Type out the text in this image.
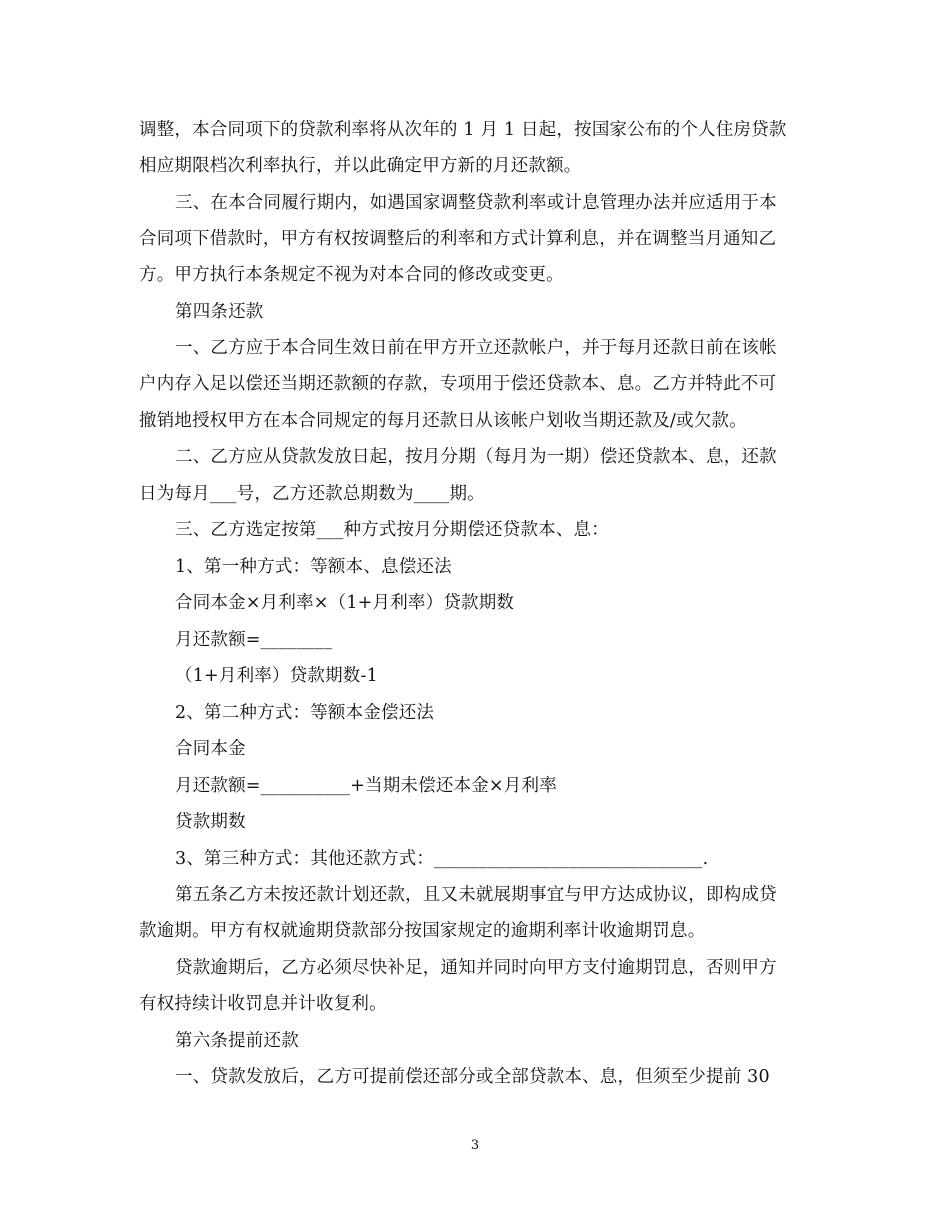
调整，本合同项下的贷款利率将从次年的 1 月 1 日起，按国家公布的个人住房贷款
相应期限档次利率执行，并以此确定甲方新的月还款额。
三、在本合同履行期内，如遇国家调整贷款利率或计息管理办法并应适用于本
合同项下借款时，甲方有权按调整后的利率和方式计算利息，并在调整当月通知乙
方。甲方执行本条规定不视为对本合同的修改或变更。
第四条还款
一、乙方应于本合同生效日前在甲方开立还款帐户，并于每月还款日前在该帐
户内存入足以偿还当期还款额的存款，专项用于偿还贷款本、息。乙方并特此不可
撤销地授权甲方在本合同规定的每月还款日从该帐户划收当期还款及/或欠款。
二、乙方应从贷款发放日起，按月分期（每月为一期）偿还贷款本、息，还款
日为每月___号，乙方还款总期数为____期。
三、乙方选定按第___种方式按月分期偿还贷款本、息：
1、第一种方式：等额本、息偿还法
合同本金×月利率×（1+月利率）贷款期数
月还款额=________
（1+月利率）贷款期数-1
2、第二种方式：等额本金偿还法
合同本金
月还款额=__________+当期未偿还本金×月利率
贷款期数
3、第三种方式：其他还款方式：______________________________.
第五条乙方未按还款计划还款，且又未就展期事宜与甲方达成协议，即构成贷
款逾期。甲方有权就逾期贷款部分按国家规定的逾期利率计收逾期罚息。
贷款逾期后，乙方必须尽快补足，通知并同时向甲方支付逾期罚息，否则甲方
有权持续计收罚息并计收复利。
第六条提前还款
一、贷款发放后，乙方可提前偿还部分或全部贷款本、息，但须至少提前 30
3
